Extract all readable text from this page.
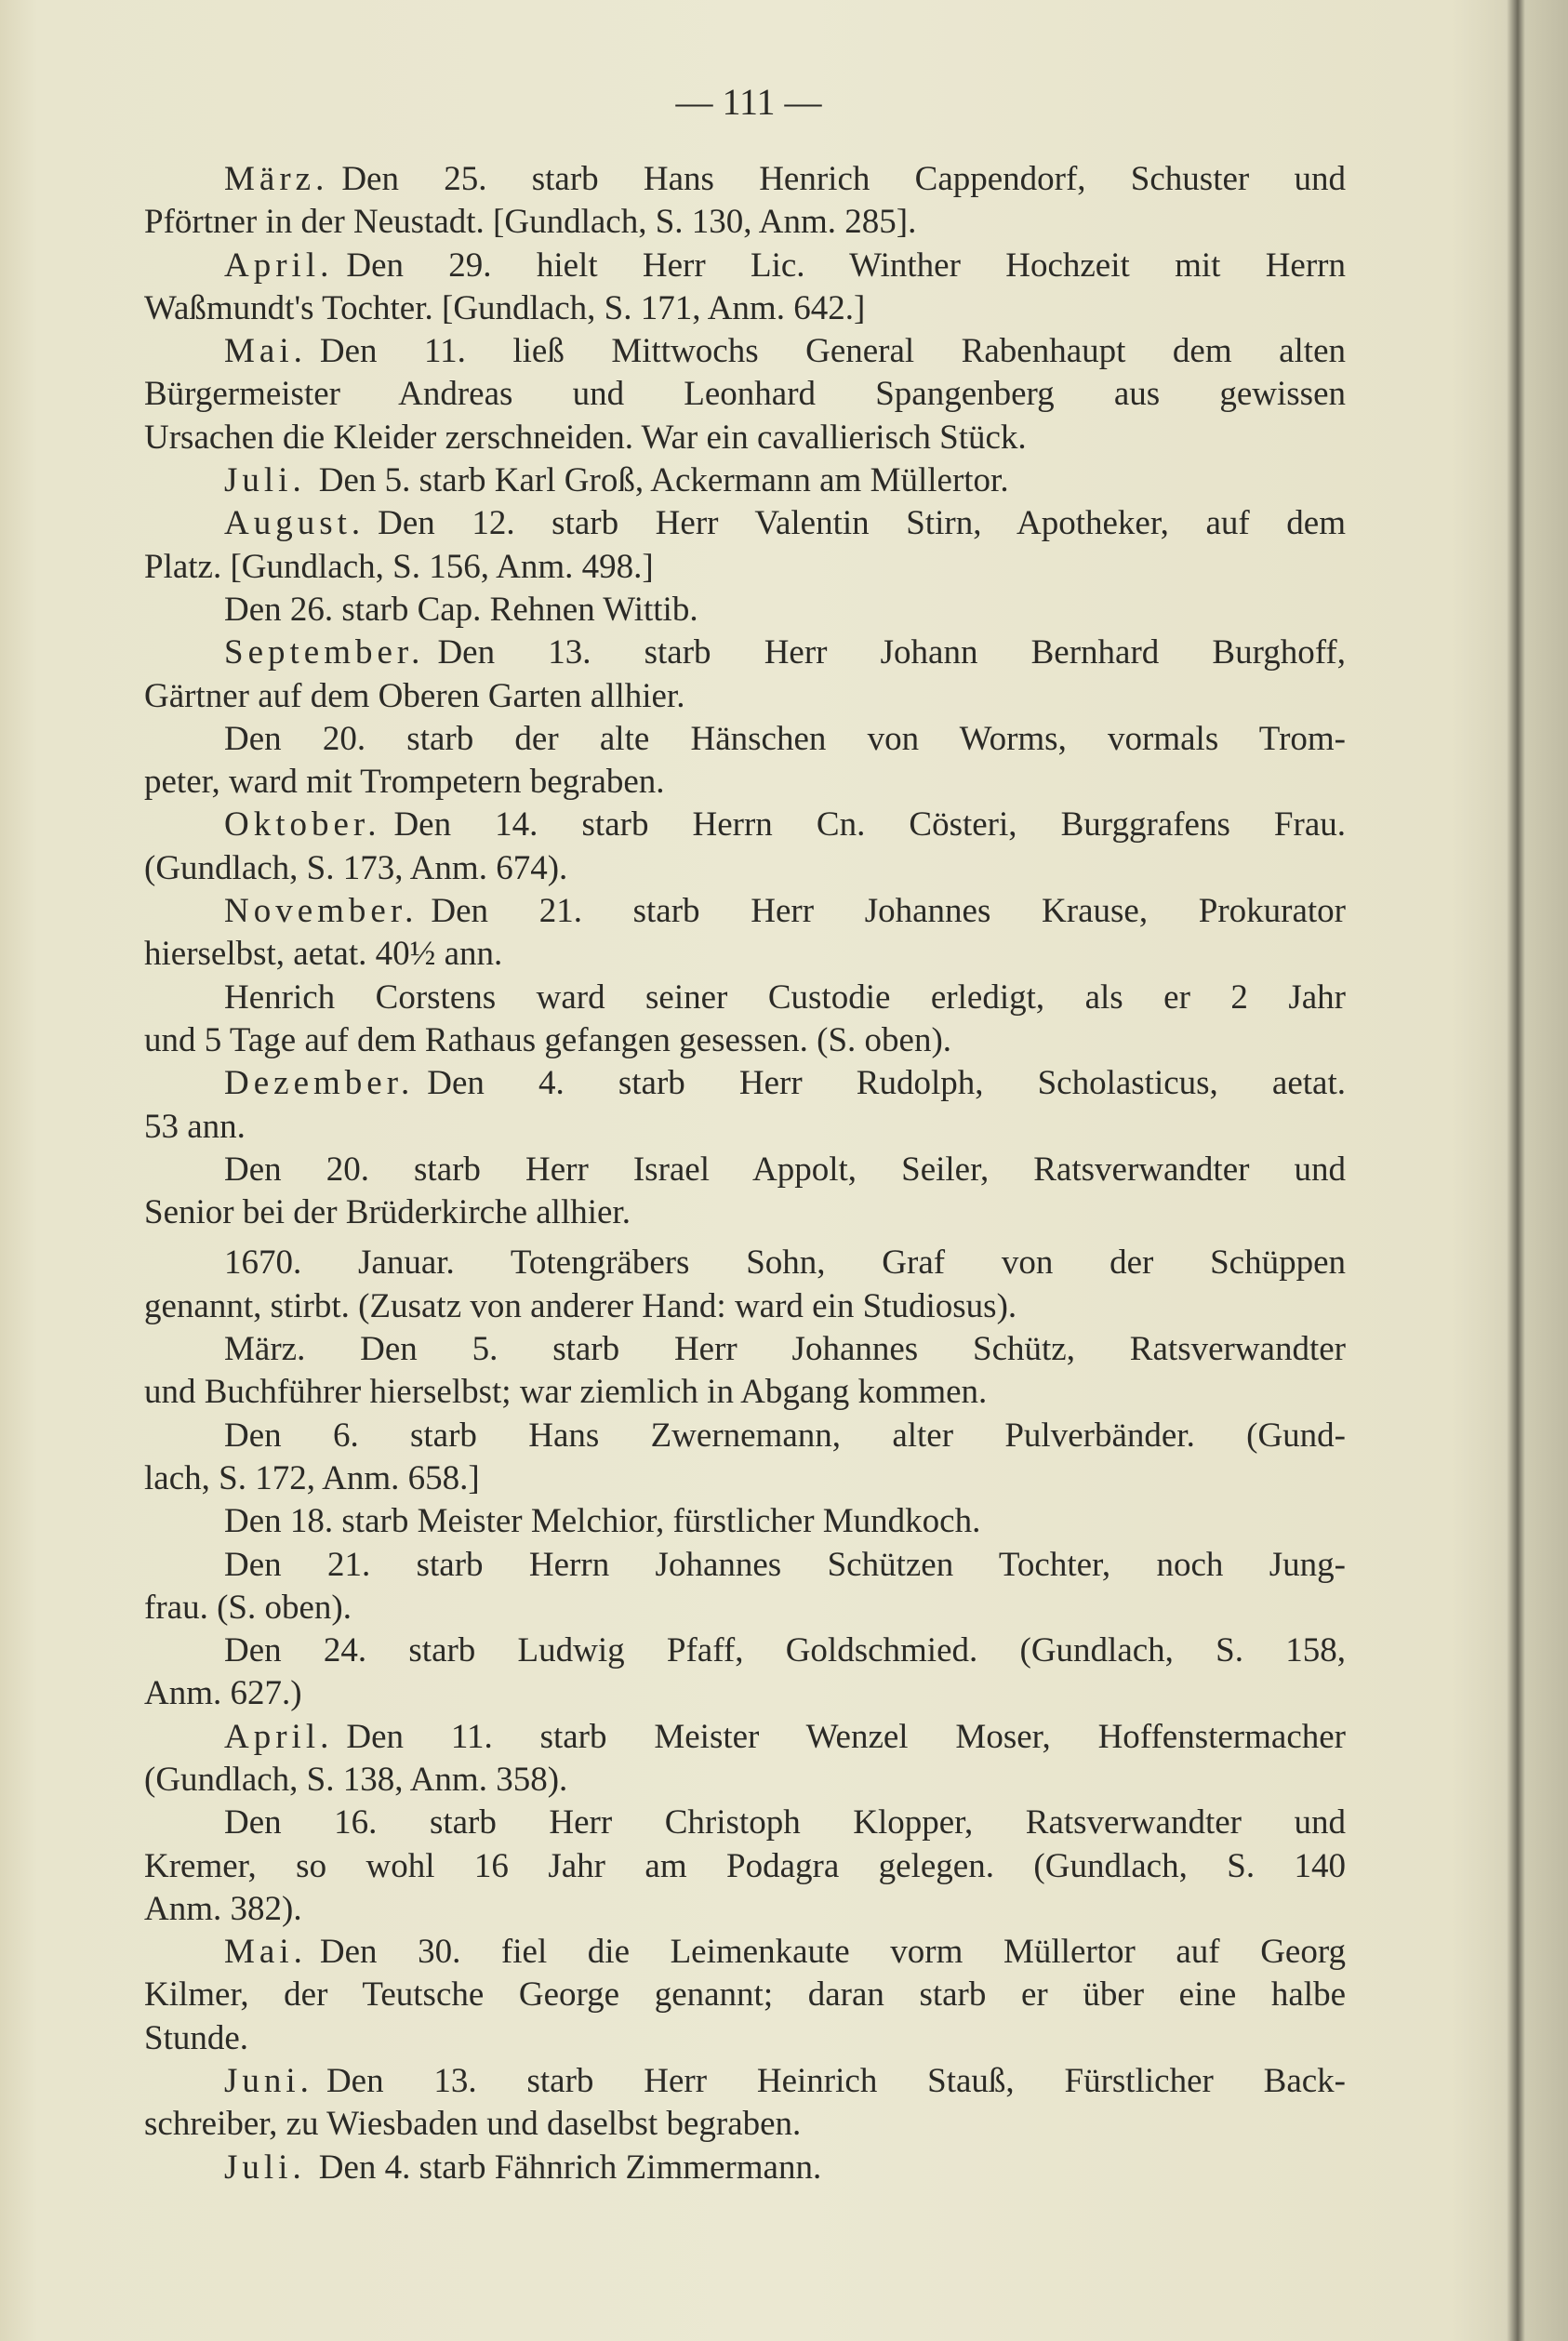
— 111 —
März. Den 25. starb Hans Henrich Cappendorf, Schuster und
Pförtner in der Neustadt. [Gundlach, S. 130, Anm. 285].
April. Den 29. hielt Herr Lic. Winther Hochzeit mit Herrn
Waßmundt's Tochter. [Gundlach, S. 171, Anm. 642.]
Mai. Den 11. ließ Mittwochs General Rabenhaupt dem alten
Bürgermeister Andreas und Leonhard Spangenberg aus gewissen
Ursachen die Kleider zerschneiden. War ein cavallierisch Stück.
Juli. Den 5. starb Karl Groß, Ackermann am Müllertor.
August. Den 12. starb Herr Valentin Stirn, Apotheker, auf dem
Platz. [Gundlach, S. 156, Anm. 498.]
Den 26. starb Cap. Rehnen Wittib.
September. Den 13. starb Herr Johann Bernhard Burghoff,
Gärtner auf dem Oberen Garten allhier.
Den 20. starb der alte Hänschen von Worms, vormals Trom-
peter, ward mit Trompetern begraben.
Oktober. Den 14. starb Herrn Cn. Cösteri, Burggrafens Frau.
(Gundlach, S. 173, Anm. 674).
November. Den 21. starb Herr Johannes Krause, Prokurator
hierselbst, aetat. 40½ ann.
Henrich Corstens ward seiner Custodie erledigt, als er 2 Jahr
und 5 Tage auf dem Rathaus gefangen gesessen. (S. oben).
Dezember. Den 4. starb Herr Rudolph, Scholasticus, aetat.
53 ann.
Den 20. starb Herr Israel Appolt, Seiler, Ratsverwandter und
Senior bei der Brüderkirche allhier.
1670. Januar. Totengräbers Sohn, Graf von der Schüppen
genannt, stirbt. (Zusatz von anderer Hand: ward ein Studiosus).
März. Den 5. starb Herr Johannes Schütz, Ratsverwandter
und Buchführer hierselbst; war ziemlich in Abgang kommen.
Den 6. starb Hans Zwernemann, alter Pulverbänder. (Gund-
lach, S. 172, Anm. 658.]
Den 18. starb Meister Melchior, fürstlicher Mundkoch.
Den 21. starb Herrn Johannes Schützen Tochter, noch Jung-
frau. (S. oben).
Den 24. starb Ludwig Pfaff, Goldschmied. (Gundlach, S. 158,
Anm. 627.)
April. Den 11. starb Meister Wenzel Moser, Hoffenstermacher
(Gundlach, S. 138, Anm. 358).
Den 16. starb Herr Christoph Klopper, Ratsverwandter und
Kremer, so wohl 16 Jahr am Podagra gelegen. (Gundlach, S. 140
Anm. 382).
Mai. Den 30. fiel die Leimenkaute vorm Müllertor auf Georg
Kilmer, der Teutsche George genannt; daran starb er über eine halbe
Stunde.
Juni. Den 13. starb Herr Heinrich Stauß, Fürstlicher Back-
schreiber, zu Wiesbaden und daselbst begraben.
Juli. Den 4. starb Fähnrich Zimmermann.
